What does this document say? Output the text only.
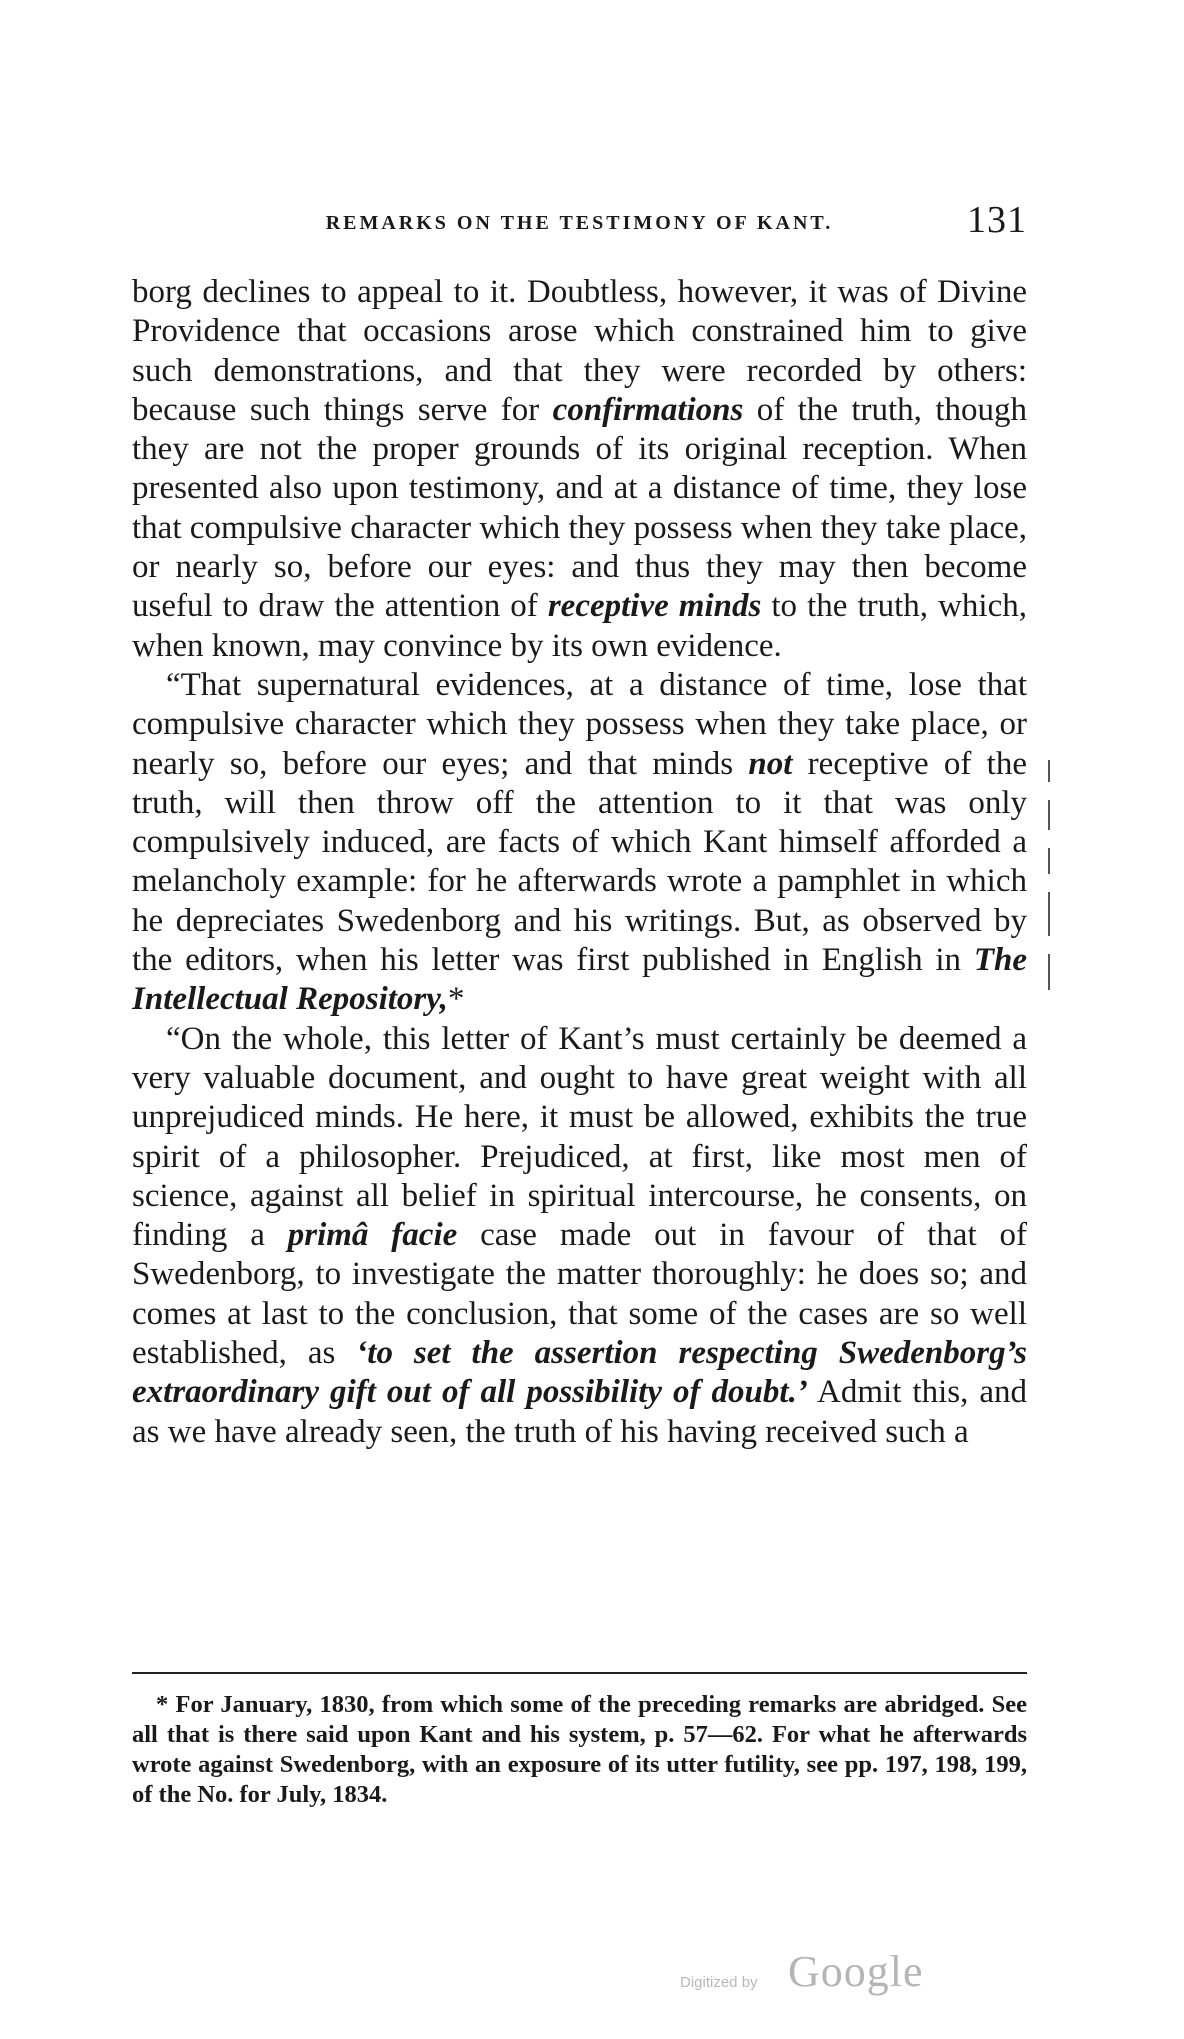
REMARKS ON THE TESTIMONY OF KANT.	131

borg declines to appeal to it. Doubtless, however, it was of Divine Providence that occasions arose which constrained him to give such demonstrations, and that they were recorded by others: because such things serve for confirmations of the truth, though they are not the proper grounds of its original reception. When presented also upon testimony, and at a distance of time, they lose that compulsive character which they possess when they take place, or nearly so, before our eyes: and thus they may then become useful to draw the attention of receptive minds to the truth, which, when known, may convince by its own evidence.

“That supernatural evidences, at a distance of time, lose that compulsive character which they possess when they take place, or nearly so, before our eyes; and that minds not receptive of the truth, will then throw off the attention to it that was only compulsively induced, are facts of which Kant himself afforded a melancholy example: for he afterwards wrote a pamphlet in which he depreciates Swedenborg and his writings. But, as observed by the editors, when his letter was first published in English in The Intellectual Repository,*

“On the whole, this letter of Kant’s must certainly be deemed a very valuable document, and ought to have great weight with all unprejudiced minds. He here, it must be allowed, exhibits the true spirit of a philosopher. Prejudiced, at first, like most men of science, against all belief in spiritual intercourse, he consents, on finding a primâ facie case made out in favour of that of Swedenborg, to investigate the matter thoroughly: he does so; and comes at last to the conclusion, that some of the cases are so well established, as ‘to set the assertion respecting Swedenborg’s extraordinary gift out of all possibility of doubt.’ Admit this, and as we have already seen, the truth of his having received such a

* For January, 1830, from which some of the preceding remarks are abridged. See all that is there said upon Kant and his system, p. 57—62. For what he afterwards wrote against Swedenborg, with an exposure of its utter futility, see pp. 197, 198, 199, of the No. for July, 1834.

Digitized by Google
